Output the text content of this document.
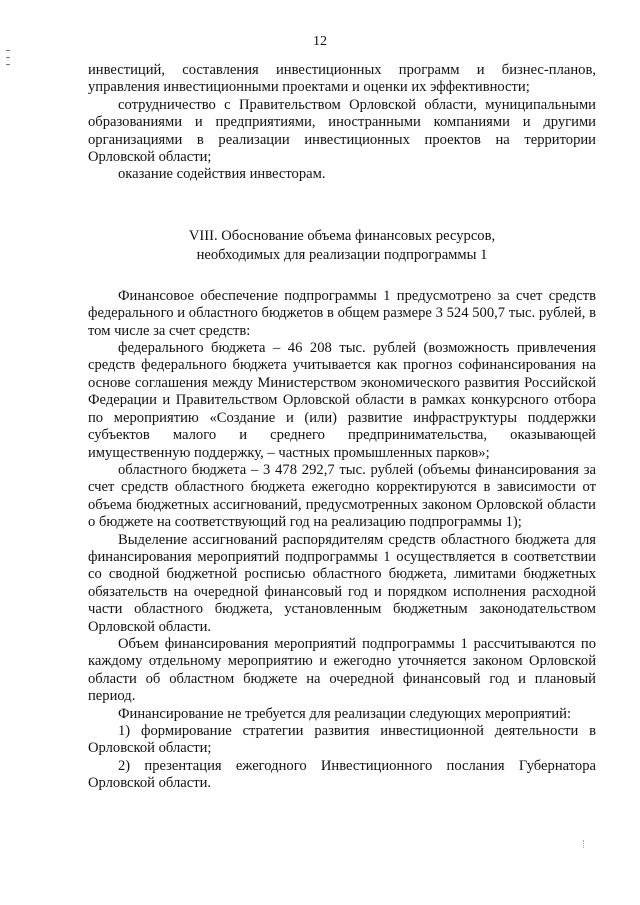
12

инвестиций, составления инвестиционных программ и бизнес-планов, управления инвестиционными проектами и оценки их эффективности;

сотрудничество с Правительством Орловской области, муниципальными образованиями и предприятиями, иностранными компаниями и другими организациями в реализации инвестиционных проектов на территории Орловской области;

оказание содействия инвесторам.

VIII. Обоснование объема финансовых ресурсов,
необходимых для реализации подпрограммы 1

Финансовое обеспечение подпрограммы 1 предусмотрено за счет средств федерального и областного бюджетов в общем размере 3 524 500,7 тыс. рублей, в том числе за счет средств:

федерального бюджета – 46 208 тыс. рублей (возможность привлечения средств федерального бюджета учитывается как прогноз софинансирования на основе соглашения между Министерством экономического развития Российской Федерации и Правительством Орловской области в рамках конкурсного отбора по мероприятию «Создание и (или) развитие инфраструктуры поддержки субъектов малого и среднего предпринимательства, оказывающей имущественную поддержку, – частных промышленных парков»;

областного бюджета – 3 478 292,7 тыс. рублей (объемы финансирования за счет средств областного бюджета ежегодно корректируются в зависимости от объема бюджетных ассигнований, предусмотренных законом Орловской области о бюджете на соответствующий год на реализацию подпрограммы 1);

Выделение ассигнований распорядителям средств областного бюджета для финансирования мероприятий подпрограммы 1 осуществляется в соответствии со сводной бюджетной росписью областного бюджета, лимитами бюджетных обязательств на очередной финансовый год и порядком исполнения расходной части областного бюджета, установленным бюджетным законодательством Орловской области.

Объем финансирования мероприятий подпрограммы 1 рассчитываются по каждому отдельному мероприятию и ежегодно уточняется законом Орловской области об областном бюджете на очередной финансовый год и плановый период.

Финансирование не требуется для реализации следующих мероприятий:

1) формирование стратегии развития инвестиционной деятельности в Орловской области;

2) презентация ежегодного Инвестиционного послания Губернатора Орловской области.
